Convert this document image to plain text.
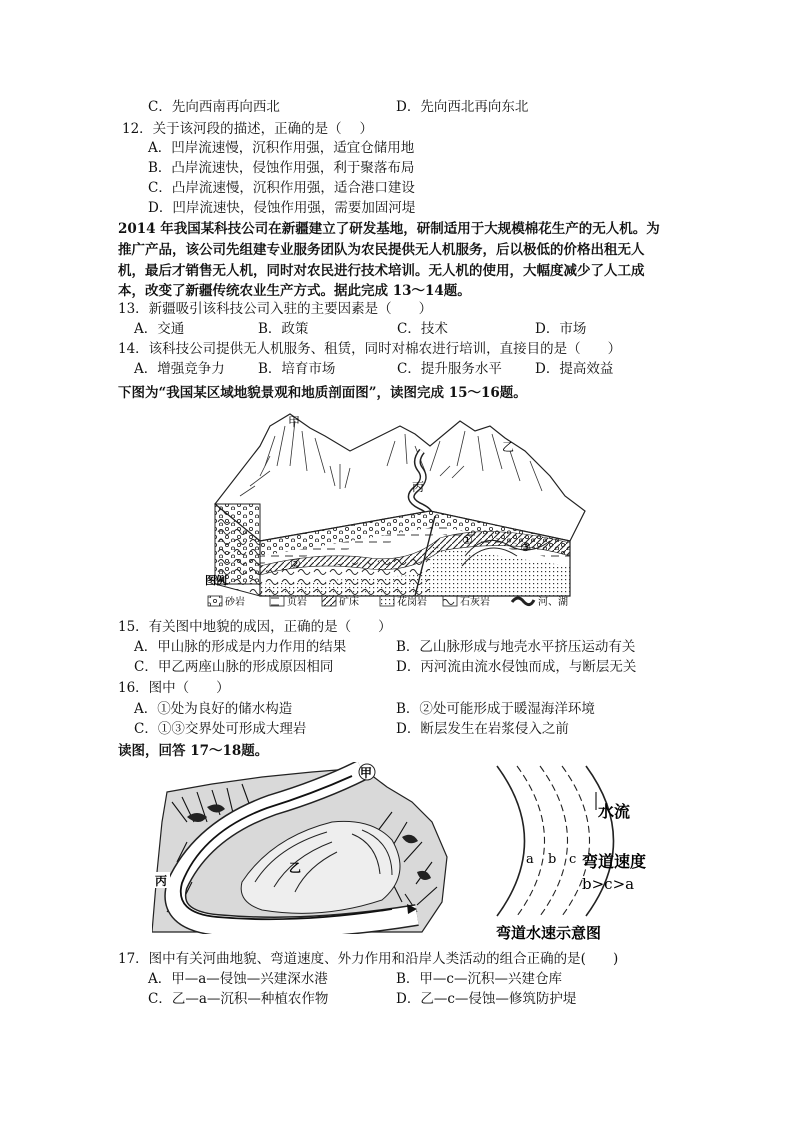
C．先向西南再向西北	D．先向西北再向东北
12．关于该河段的描述，正确的是（　 ）
A．凹岸流速慢，沉积作用强，适宜仓储用地
B．凸岸流速快，侵蚀作用强，利于聚落布局
C．凸岸流速慢，沉积作用强，适合港口建设
D．凹岸流速快，侵蚀作用强，需要加固河堤
2014 年我国某科技公司在新疆建立了研发基地，研制适用于大规模棉花生产的无人机。为
推广产品，该公司先组建专业服务团队为农民提供无人机服务，后以极低的价格出租无人
机，最后才销售无人机，同时对农民进行技术培训。无人机的使用，大幅度减少了人工成
本，改变了新疆传统农业生产方式。据此完成 13～14题。
13．新疆吸引该科技公司入驻的主要因素是（　　）
A．交通	B．政策	C．技术	D．市场
14．该科技公司提供无人机服务、租赁，同时对棉农进行培训，直接目的是（　　）
A．增强竞争力 B．培育市场	C．提升服务水平 D．提高效益
下图为“我国某区域地貌景观和地质剖面图”，读图完成 15～16题。
甲
乙
丙
①
②
③
图例
砂岩	页岩	矿床	花岗岩	石灰岩	河、湖
15．有关图中地貌的成因，正确的是（　　）
A．甲山脉的形成是内力作用的结果	B．乙山脉形成与地壳水平挤压运动有关
C．甲乙两座山脉的形成原因相同	D．丙河流由流水侵蚀而成，与断层无关
16．图中（　　）
A．①处为良好的储水构造	B．②处可能形成于暖湿海洋环境
C．①③交界处可形成大理岩	D．断层发生在岩浆侵入之前
读图，回答 17～18题。
甲
乙
丙
水流
a b c 弯道速度
b>c>a
弯道水速示意图
17．图中有关河曲地貌、弯道速度、外力作用和沿岸人类活动的组合正确的是(　　)
A．甲—a—侵蚀—兴建深水港	B．甲—c—沉积—兴建仓库
C．乙—a—沉积—种植农作物	D．乙—c—侵蚀—修筑防护堤
